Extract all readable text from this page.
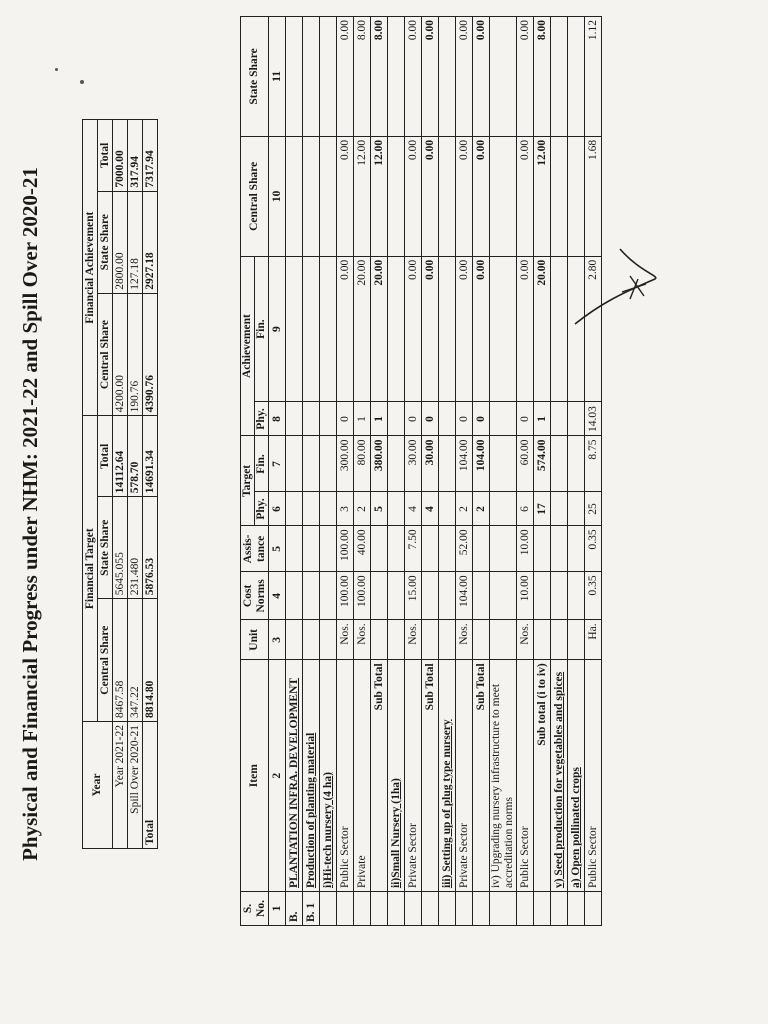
Physical and Financial Progress under NHM: 2021-22 and Spill Over 2020-21	Year	Financial Target			Financial Achievement		
	Central Share	State Share	Total	Central Share	State Share	Total
Year 2021-22	8467.58	5645.055	14112.64	4200.00	2800.00	7000.00
Spill Over 2020-21	347.22	231.480	578.70	190.76	127.18	317.94
Total	8814.80	5876.53	14691.34	4390.76	2927.18	7317.94
S. No.	Item	Unit	Cost Norms	Assis- tance	Target		Achievement		Central Share	State Share
					Phy.	Fin.	Phy.	Fin.		
1	2	3	4	5	6	7	8	9	10	11
B.	PLANTATION INFRA. DEVELOPMENT									
B. 1	Production of planting material									
	i)Hi-tech nursery (4 ha)									
	Public Sector	Nos.	100.00	100.00	3	300.00	0	0.00	0.00	0.00
	Private	Nos.	100.00	40.00	2	80.00	1	20.00	12.00	8.00
	Sub Total				5	380.00	1	20.00	12.00	8.00
	ii)Small Nursery (1ha)									
	Private Sector	Nos.	15.00	7.50	4	30.00	0	0.00	0.00	0.00
	Sub Total				4	30.00	0	0.00	0.00	0.00
	iii) Setting up of plug type nursery									
	Private Sector	Nos.	104.00	52.00	2	104.00	0	0.00	0.00	0.00
	Sub Total				2	104.00	0	0.00	0.00	0.00
	iv) Upgrading nursery infrastructure to meet accreditation norms									
	Public Sector	Nos.	10.00	10.00	6	60.00	0	0.00	0.00	0.00
	Sub total (i to iv)				17	574.00	1	20.00	12.00	8.00
	v) Seed production for vegetables and spices									
	a) Open pollinated crops									
	Public Sector	Ha.	0.35	0.35	25	8.75	14.03	2.80	1.68	1.12
